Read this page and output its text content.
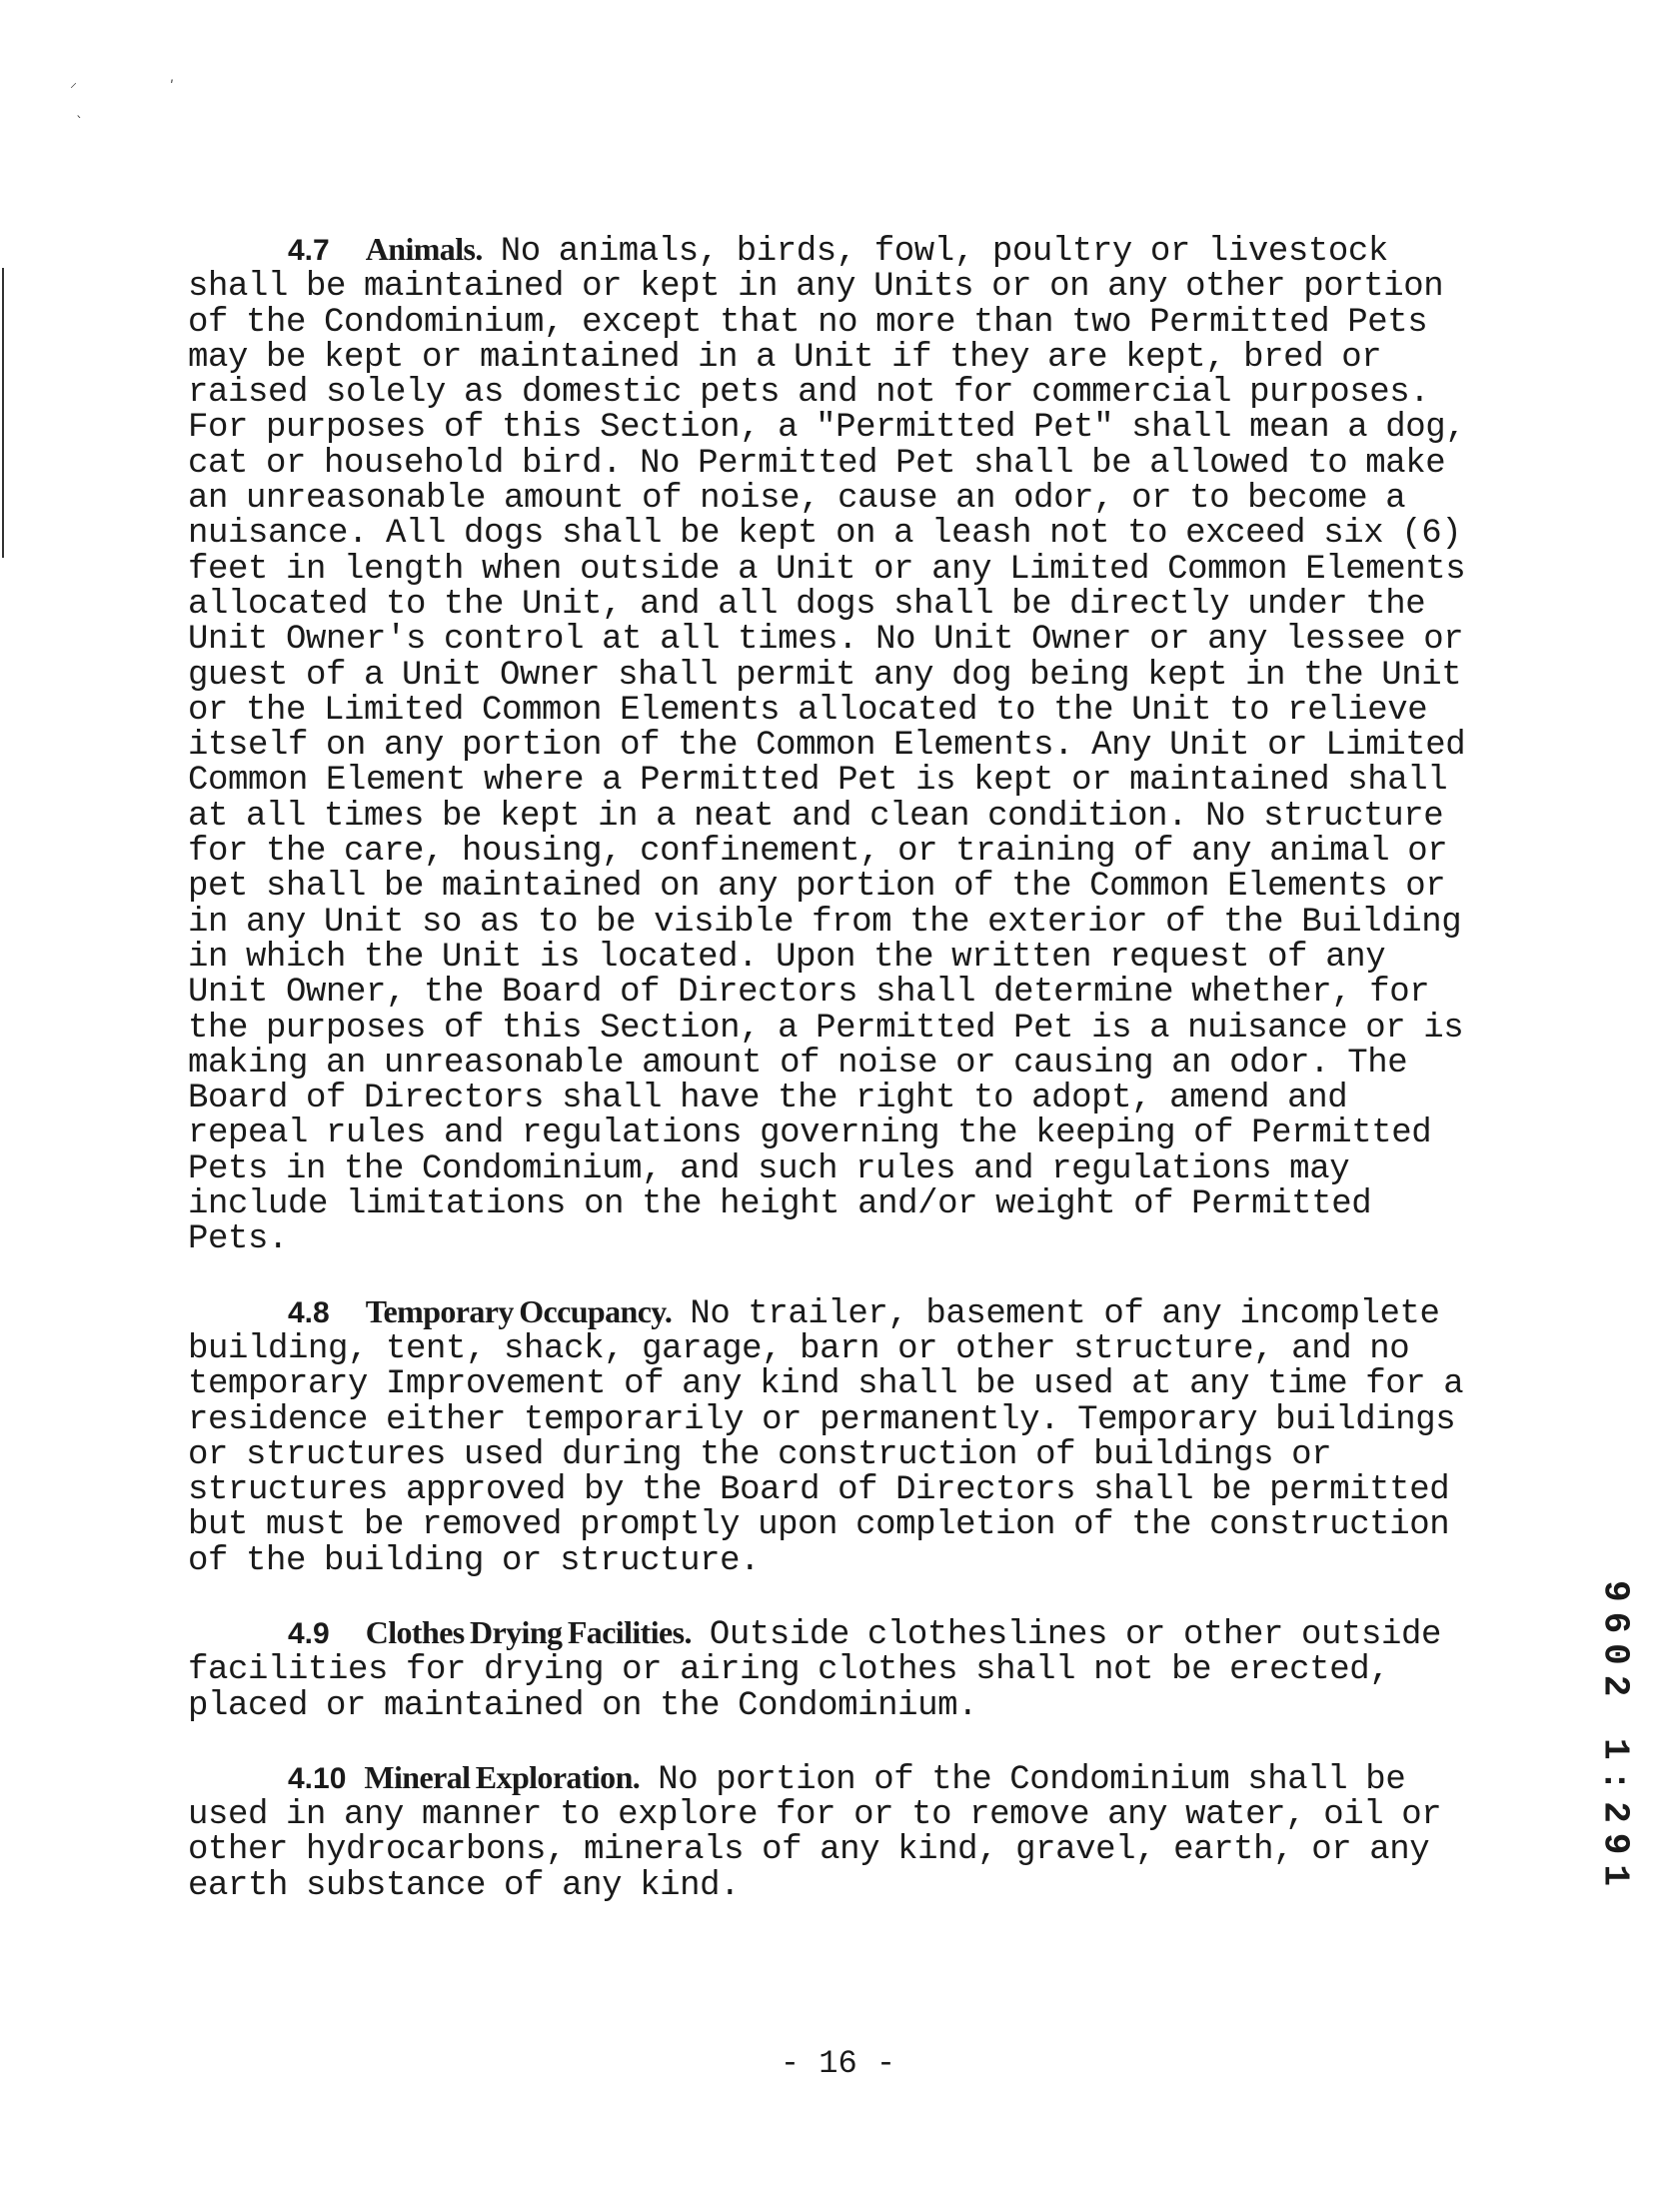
⸝	ʹ
`

4.7 Animals. No animals, birds, fowl, poultry or livestock shall be maintained or kept in any Units or on any other portion of the Condominium, except that no more than two Permitted Pets may be kept or maintained in a Unit if they are kept, bred or raised solely as domestic pets and not for commercial purposes. For purposes of this Section, a "Permitted Pet" shall mean a dog, cat or household bird. No Permitted Pet shall be allowed to make an unreasonable amount of noise, cause an odor, or to become a nuisance. All dogs shall be kept on a leash not to exceed six (6) feet in length when outside a Unit or any Limited Common Elements allocated to the Unit, and all dogs shall be directly under the Unit Owner's control at all times. No Unit Owner or any lessee or guest of a Unit Owner shall permit any dog being kept in the Unit or the Limited Common Elements allocated to the Unit to relieve itself on any portion of the Common Elements. Any Unit or Limited Common Element where a Permitted Pet is kept or maintained shall at all times be kept in a neat and clean condition. No structure for the care, housing, confinement, or training of any animal or pet shall be maintained on any portion of the Common Elements or in any Unit so as to be visible from the exterior of the Building in which the Unit is located. Upon the written request of any Unit Owner, the Board of Directors shall determine whether, for the purposes of this Section, a Permitted Pet is a nuisance or is making an unreasonable amount of noise or causing an odor. The Board of Directors shall have the right to adopt, amend and repeal rules and regulations governing the keeping of Permitted Pets in the Condominium, and such rules and regulations may include limitations on the height and/or weight of Permitted Pets.

4.8 Temporary Occupancy. No trailer, basement of any incomplete building, tent, shack, garage, barn or other structure, and no temporary Improvement of any kind shall be used at any time for a residence either temporarily or permanently. Temporary buildings or structures used during the construction of buildings or structures approved by the Board of Directors shall be permitted but must be removed promptly upon completion of the construction of the building or structure.

4.9 Clothes Drying Facilities. Outside clotheslines or other outside facilities for drying or airing clothes shall not be erected, placed or maintained on the Condominium.

4.10 Mineral Exploration. No portion of the Condominium shall be used in any manner to explore for or to remove any water, oil or other hydrocarbons, minerals of any kind, gravel, earth, or any earth substance of any kind.	9602 1:291
- 16 -
